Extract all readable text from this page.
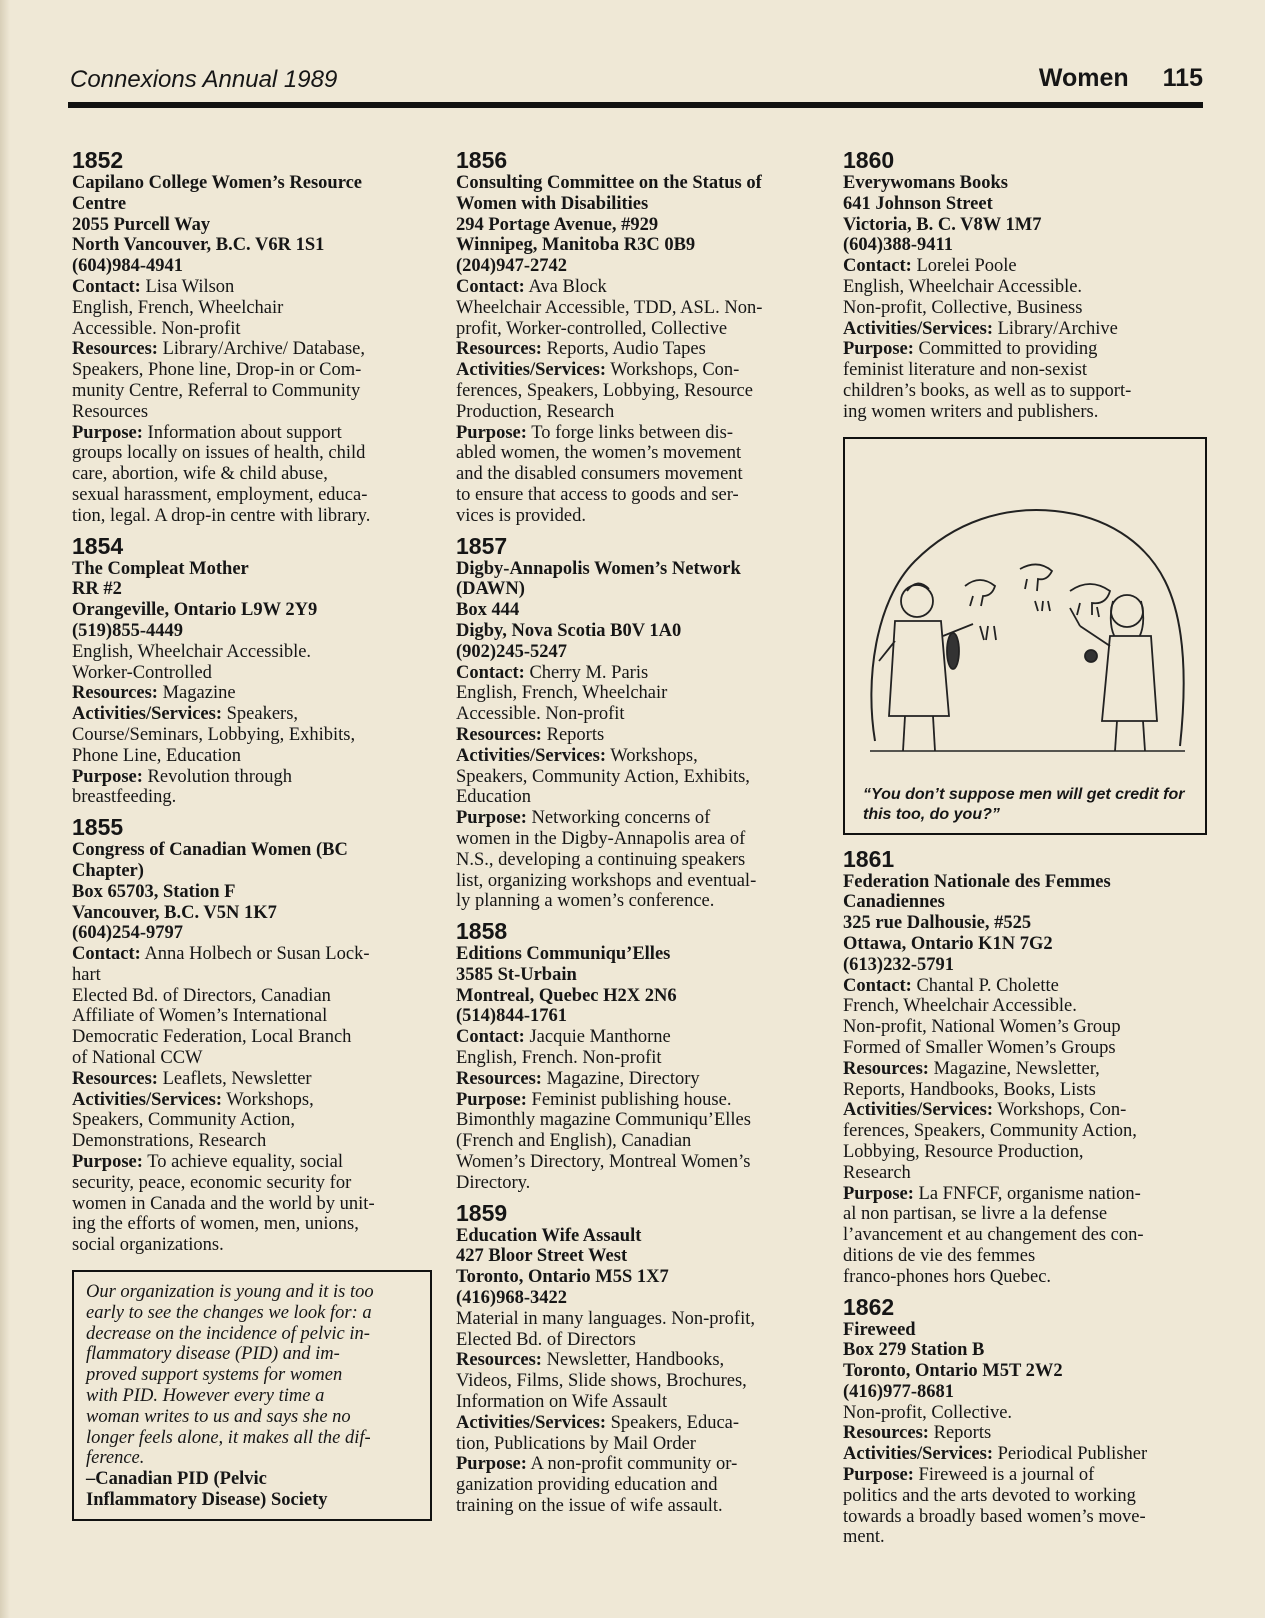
Connexions Annual 1989	Women 115
1852
Capilano College Women’s Resource
Centre
2055 Purcell Way
North Vancouver, B.C. V6R 1S1
(604)984-4941
Contact: Lisa Wilson
English, French, Wheelchair
Accessible. Non-profit
Resources: Library/Archive/ Database,
Speakers, Phone line, Drop-in or Com-
munity Centre, Referral to Community
Resources
Purpose: Information about support
groups locally on issues of health, child
care, abortion, wife & child abuse,
sexual harassment, employment, educa-
tion, legal. A drop-in centre with library.
1854
The Compleat Mother
RR #2
Orangeville, Ontario L9W 2Y9
(519)855-4449
English, Wheelchair Accessible.
Worker-Controlled
Resources: Magazine
Activities/Services: Speakers,
Course/Seminars, Lobbying, Exhibits,
Phone Line, Education
Purpose: Revolution through
breastfeeding.
1855
Congress of Canadian Women (BC
Chapter)
Box 65703, Station F
Vancouver, B.C. V5N 1K7
(604)254-9797
Contact: Anna Holbech or Susan Lock-
hart
Elected Bd. of Directors, Canadian
Affiliate of Women’s International
Democratic Federation, Local Branch
of National CCW
Resources: Leaflets, Newsletter
Activities/Services: Workshops,
Speakers, Community Action,
Demonstrations, Research
Purpose: To achieve equality, social
security, peace, economic security for
women in Canada and the world by unit-
ing the efforts of women, men, unions,
social organizations.
Our organization is young and it is too
early to see the changes we look for: a
decrease on the incidence of pelvic in-
flammatory disease (PID) and im-
proved support systems for women
with PID. However every time a
woman writes to us and says she no
longer feels alone, it makes all the dif-
ference.
–Canadian PID (Pelvic
Inflammatory Disease) Society
1856
Consulting Committee on the Status of
Women with Disabilities
294 Portage Avenue, #929
Winnipeg, Manitoba R3C 0B9
(204)947-2742
Contact: Ava Block
Wheelchair Accessible, TDD, ASL. Non-
profit, Worker-controlled, Collective
Resources: Reports, Audio Tapes
Activities/Services: Workshops, Con-
ferences, Speakers, Lobbying, Resource
Production, Research
Purpose: To forge links between dis-
abled women, the women’s movement
and the disabled consumers movement
to ensure that access to goods and ser-
vices is provided.
1857
Digby-Annapolis Women’s Network
(DAWN)
Box 444
Digby, Nova Scotia B0V 1A0
(902)245-5247
Contact: Cherry M. Paris
English, French, Wheelchair
Accessible. Non-profit
Resources: Reports
Activities/Services: Workshops,
Speakers, Community Action, Exhibits,
Education
Purpose: Networking concerns of
women in the Digby-Annapolis area of
N.S., developing a continuing speakers
list, organizing workshops and eventual-
ly planning a women’s conference.
1858
Editions Communiqu’Elles
3585 St-Urbain
Montreal, Quebec H2X 2N6
(514)844-1761
Contact: Jacquie Manthorne
English, French. Non-profit
Resources: Magazine, Directory
Purpose: Feminist publishing house.
Bimonthly magazine Communiqu’Elles
(French and English), Canadian
Women’s Directory, Montreal Women’s
Directory.
1859
Education Wife Assault
427 Bloor Street West
Toronto, Ontario M5S 1X7
(416)968-3422
Material in many languages. Non-profit,
Elected Bd. of Directors
Resources: Newsletter, Handbooks,
Videos, Films, Slide shows, Brochures,
Information on Wife Assault
Activities/Services: Speakers, Educa-
tion, Publications by Mail Order
Purpose: A non-profit community or-
ganization providing education and
training on the issue of wife assault.
1860
Everywomans Books
641 Johnson Street
Victoria, B. C. V8W 1M7
(604)388-9411
Contact: Lorelei Poole
English, Wheelchair Accessible.
Non-profit, Collective, Business
Activities/Services: Library/Archive
Purpose: Committed to providing
feminist literature and non-sexist
children’s books, as well as to support-
ing women writers and publishers.
“You don’t suppose men will get credit for this too, do you?”
1861
Federation Nationale des Femmes
Canadiennes
325 rue Dalhousie, #525
Ottawa, Ontario K1N 7G2
(613)232-5791
Contact: Chantal P. Cholette
French, Wheelchair Accessible.
Non-profit, National Women’s Group
Formed of Smaller Women’s Groups
Resources: Magazine, Newsletter,
Reports, Handbooks, Books, Lists
Activities/Services: Workshops, Con-
ferences, Speakers, Community Action,
Lobbying, Resource Production,
Research
Purpose: La FNFCF, organisme nation-
al non partisan, se livre a la defense
l’avancement et au changement des con-
ditions de vie des femmes
franco-phones hors Quebec.
1862
Fireweed
Box 279 Station B
Toronto, Ontario M5T 2W2
(416)977-8681
Non-profit, Collective.
Resources: Reports
Activities/Services: Periodical Publisher
Purpose: Fireweed is a journal of
politics and the arts devoted to working
towards a broadly based women’s move-
ment.
